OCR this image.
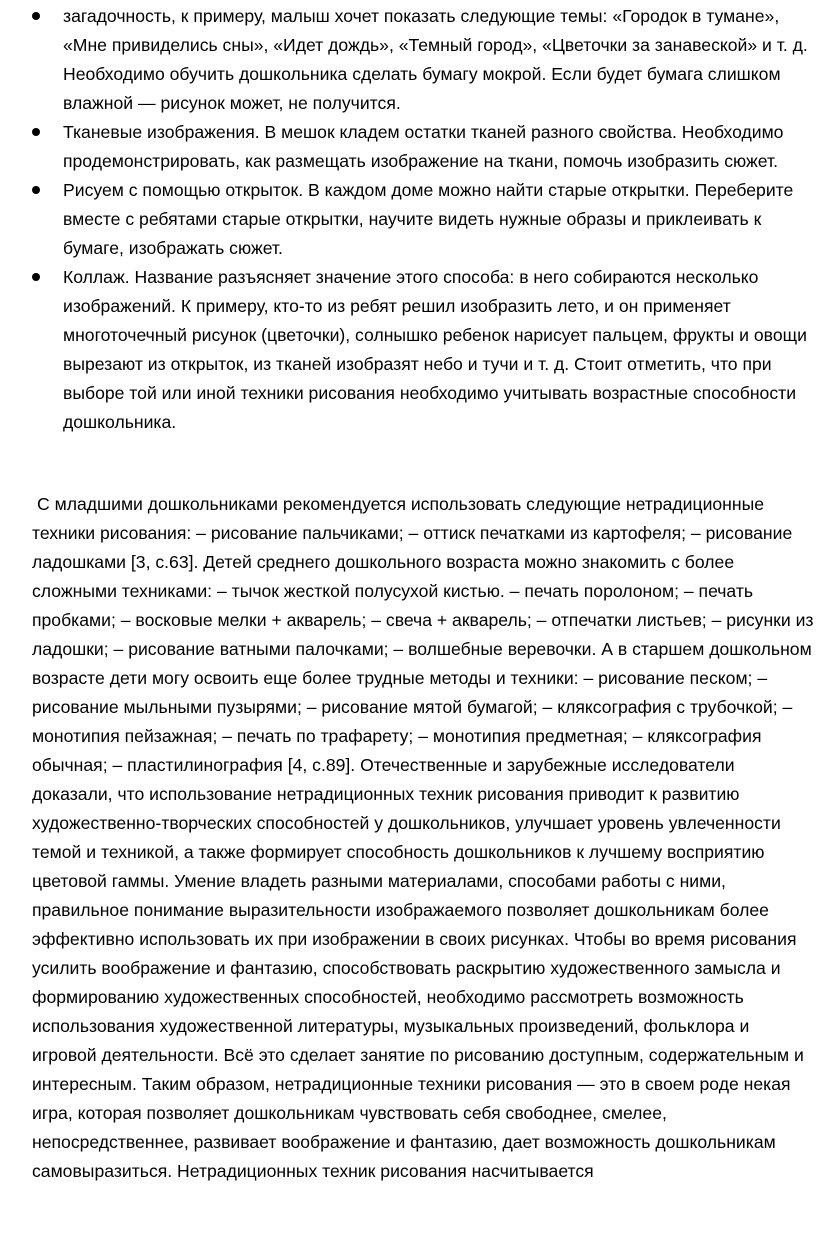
загадочность, к примеру, малыш хочет показать следующие темы: «Городок в тумане», «Мне привиделись сны», «Идет дождь», «Темный город», «Цветочки за занавеской» и т. д. Необходимо обучить дошкольника сделать бумагу мокрой. Если будет бумага слишком влажной — рисунок может, не получится.
Тканевые изображения. В мешок кладем остатки тканей разного свойства. Необходимо продемонстрировать, как размещать изображение на ткани, помочь изобразить сюжет.
Рисуем с помощью открыток. В каждом доме можно найти старые открытки. Переберите вместе с ребятами старые открытки, научите видеть нужные образы и приклеивать к бумаге, изображать сюжет.
Коллаж. Название разъясняет значение этого способа: в него собираются несколько изображений. К примеру, кто-то из ребят решил изобразить лето, и он применяет многоточечный рисунок (цветочки), солнышко ребенок нарисует пальцем, фрукты и овощи вырезают из открыток, из тканей изобразят небо и тучи и т. д. Стоит отметить, что при выборе той или иной техники рисования необходимо учитывать возрастные способности дошкольника.

С младшими дошкольниками рекомендуется использовать следующие нетрадиционные техники рисования: – рисование пальчиками; – оттиск печатками из картофеля; – рисование ладошками [3, с.63]. Детей среднего дошкольного возраста можно знакомить с более сложными техниками: – тычок жесткой полусухой кистью. – печать поролоном; – печать пробками; – восковые мелки + акварель; – свеча + акварель; – отпечатки листьев; – рисунки из ладошки; – рисование ватными палочками; – волшебные веревочки. А в старшем дошкольном возрасте дети могу освоить еще более трудные методы и техники: – рисование песком; – рисование мыльными пузырями; – рисование мятой бумагой; – кляксография с трубочкой; – монотипия пейзажная; – печать по трафарету; – монотипия предметная; – кляксография обычная; – пластилинография [4, с.89]. Отечественные и зарубежные исследователи доказали, что использование нетрадиционных техник рисования приводит к развитию художественно-творческих способностей у дошкольников, улучшает уровень увлеченности темой и техникой, а также формирует способность дошкольников к лучшему восприятию цветовой гаммы. Умение владеть разными материалами, способами работы с ними, правильное понимание выразительности изображаемого позволяет дошкольникам более эффективно использовать их при изображении в своих рисунках. Чтобы во время рисования усилить воображение и фантазию, способствовать раскрытию художественного замысла и формированию художественных способностей, необходимо рассмотреть возможность использования художественной литературы, музыкальных произведений, фольклора и игровой деятельности. Всё это сделает занятие по рисованию доступным, содержательным и интересным. Таким образом, нетрадиционные техники рисования — это в своем роде некая игра, которая позволяет дошкольникам чувствовать себя свободнее, смелее, непосредственнее, развивает воображение и фантазию, дает возможность дошкольникам самовыразиться. Нетрадиционных техник рисования насчитывается
